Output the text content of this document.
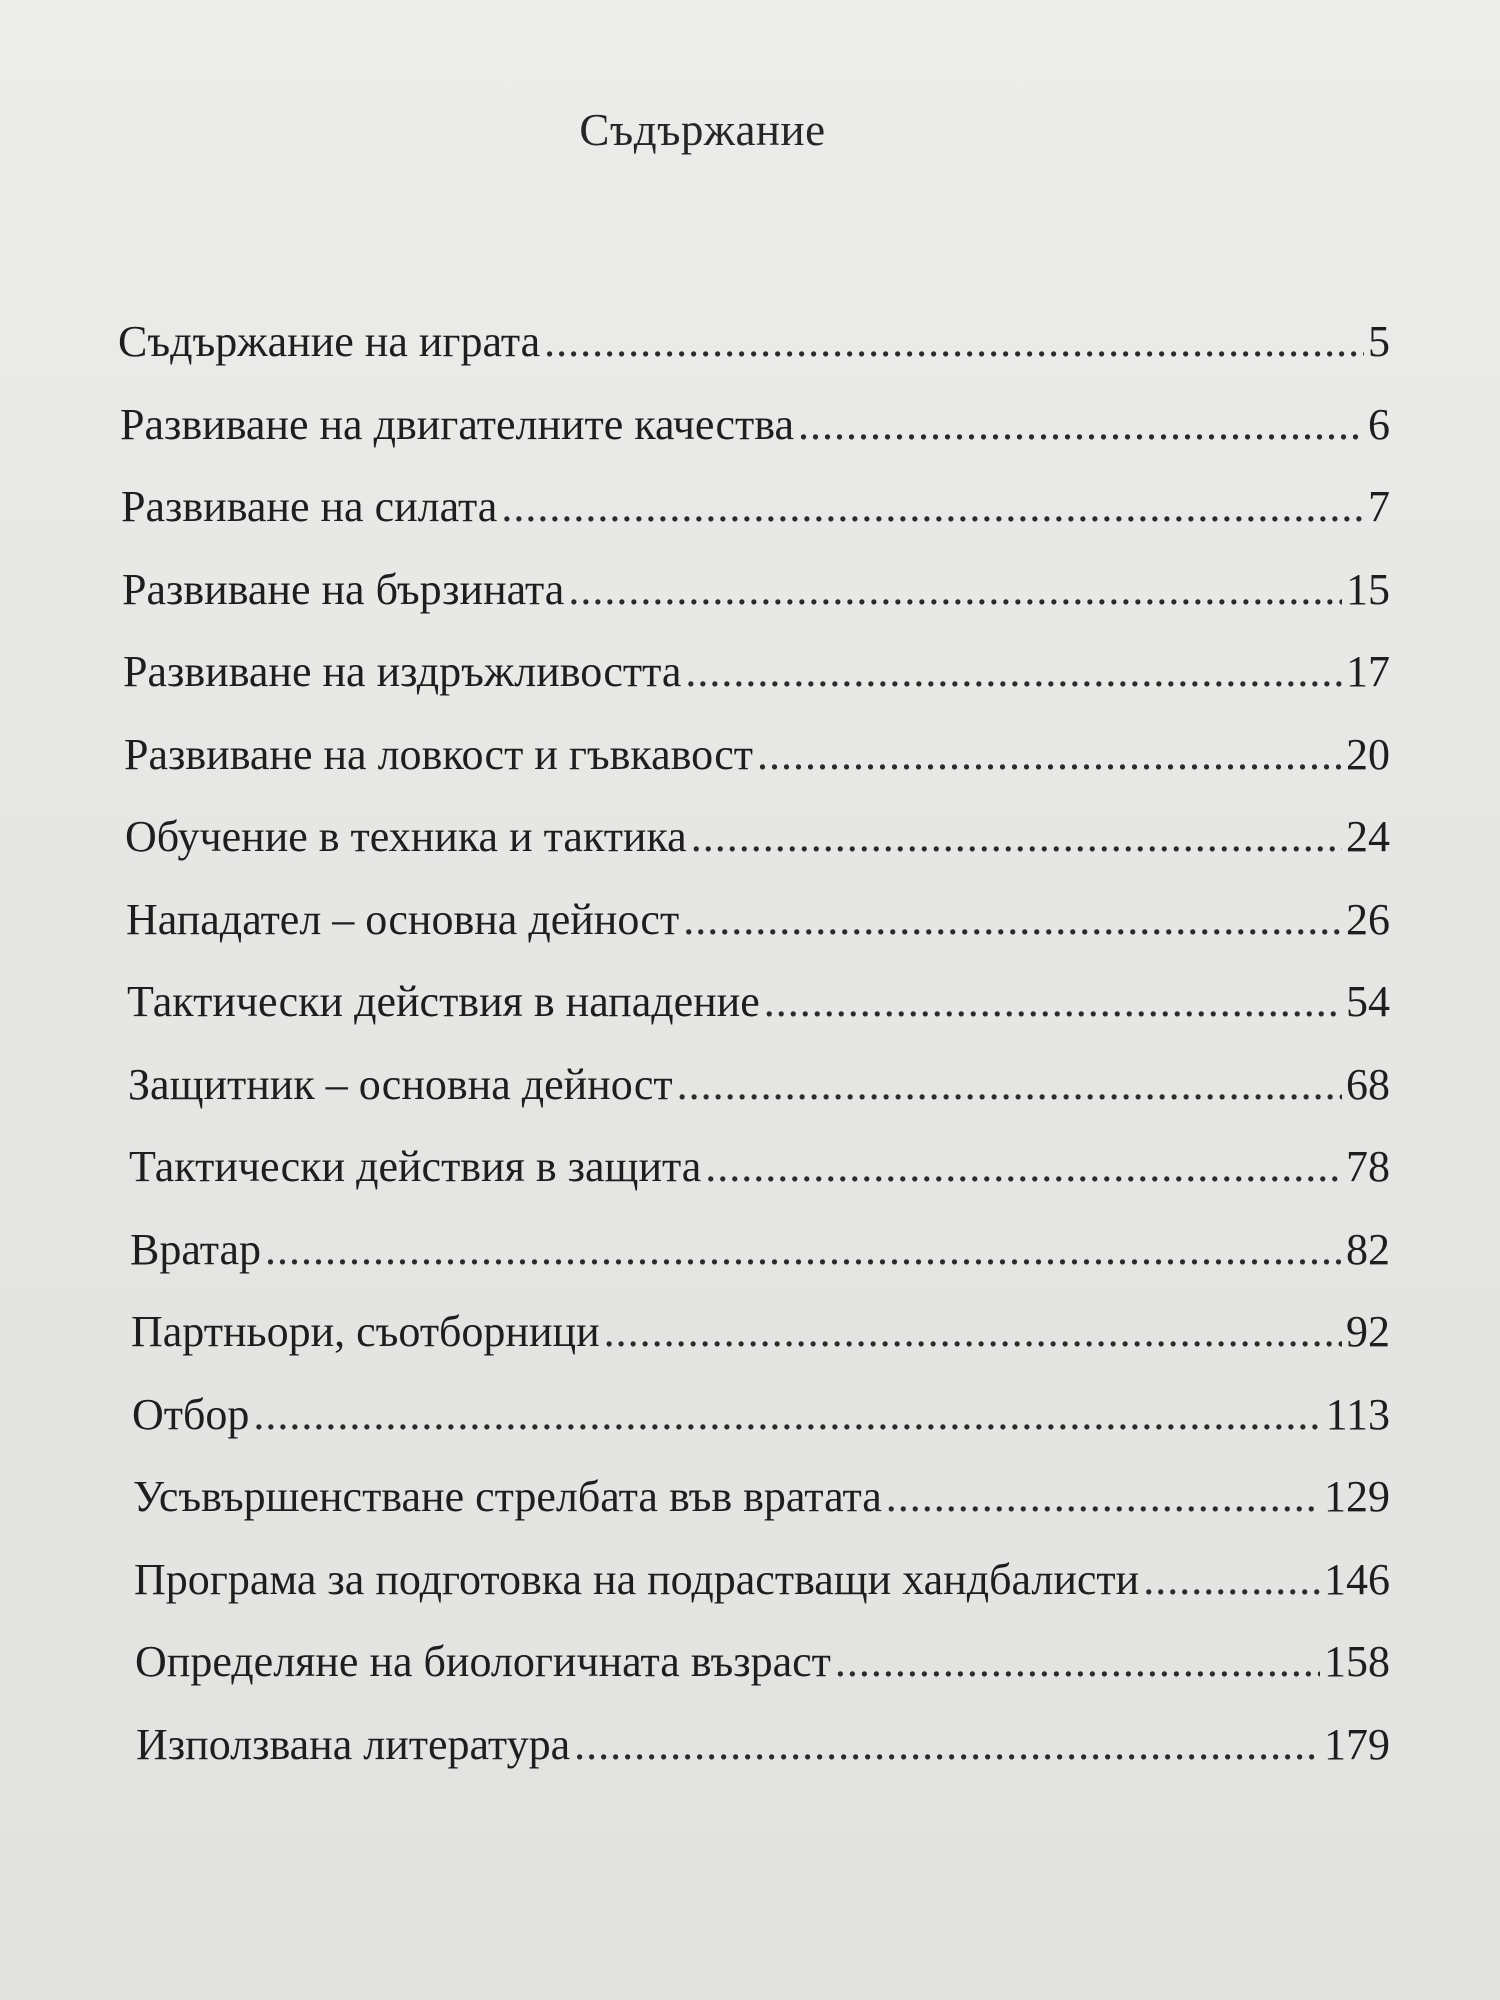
Съдържание
Съдържание на играта .....	5
Развиване на двигателните качества .....	6
Развиване на силата .....	7
Развиване на бързината .....	15
Развиване на издръжливостта .....	17
Развиване на ловкост и гъвкавост .....	20
Обучение в техника и тактика .....	24
Нападател – основна дейност .....	26
Тактически действия в нападение .....	54
Защитник – основна дейност .....	68
Тактически действия в защита .....	78
Вратар .....	82
Партньори, съотборници .....	92
Отбор .....	113
Усъвършенстване стрелбата във вратата .....	129
Програма за подготовка на подрастващи хандбалисти .....	146
Определяне на биологичната възраст .....	158
Използвана литература .....	179
